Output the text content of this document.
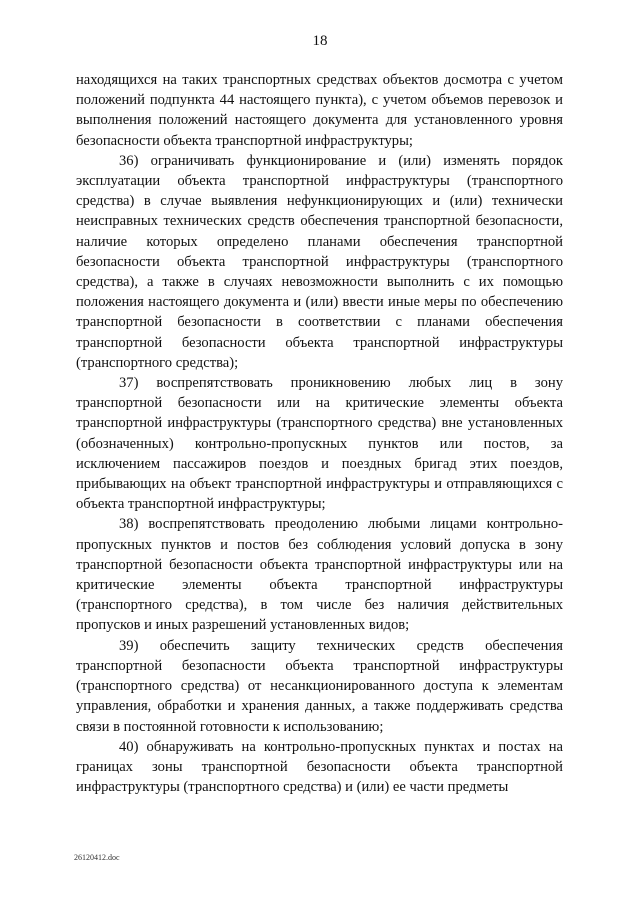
18

находящихся на таких транспортных средствах объектов досмотра с учетом положений подпункта 44 настоящего пункта), с учетом объемов перевозок и выполнения положений настоящего документа для установленного уровня безопасности объекта транспортной инфраструктуры;

36) ограничивать функционирование и (или) изменять порядок эксплуатации объекта транспортной инфраструктуры (транспортного средства) в случае выявления нефункционирующих и (или) технически неисправных технических средств обеспечения транспортной безопасности, наличие которых определено планами обеспечения транспортной безопасности объекта транспортной инфраструктуры (транспортного средства), а также в случаях невозможности выполнить с их помощью положения настоящего документа и (или) ввести иные меры по обеспечению транспортной безопасности в соответствии с планами обеспечения транспортной безопасности объекта транспортной инфраструктуры (транспортного средства);

37) воспрепятствовать проникновению любых лиц в зону транспортной безопасности или на критические элементы объекта транспортной инфраструктуры (транспортного средства) вне установленных (обозначенных) контрольно-пропускных пунктов или постов, за исключением пассажиров поездов и поездных бригад этих поездов, прибывающих на объект транспортной инфраструктуры и отправляющихся с объекта транспортной инфраструктуры;

38) воспрепятствовать преодолению любыми лицами контрольно-пропускных пунктов и постов без соблюдения условий допуска в зону транспортной безопасности объекта транспортной инфраструктуры или на критические элементы объекта транспортной инфраструктуры (транспортного средства), в том числе без наличия действительных пропусков и иных разрешений установленных видов;

39) обеспечить защиту технических средств обеспечения транспортной безопасности объекта транспортной инфраструктуры (транспортного средства) от несанкционированного доступа к элементам управления, обработки и хранения данных, а также поддерживать средства связи в постоянной готовности к использованию;

40) обнаруживать на контрольно-пропускных пунктах и постах на границах зоны транспортной безопасности объекта транспортной инфраструктуры (транспортного средства) и (или) ее части предметы

26120412.doc
